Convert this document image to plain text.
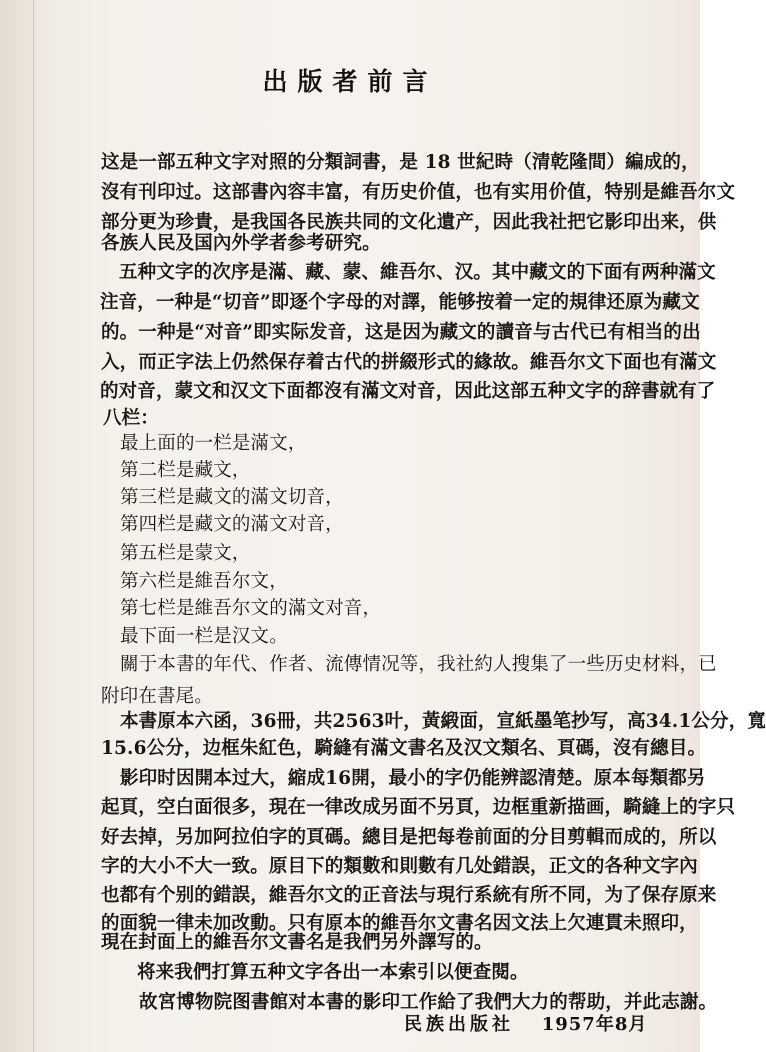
出版者前言
这是一部五种文字对照的分類詞書，是 18 世紀時（清乾隆間）編成的，
沒有刊印过。这部書內容丰富，有历史价值，也有实用价值，特别是維吾尔文
部分更为珍貴，是我国各民族共同的文化遺产，因此我社把它影印出来，供
各族人民及国內外学者参考研究。
五种文字的次序是滿、藏、蒙、維吾尔、汉。其中藏文的下面有两种滿文
注音，一种是“切音”即逐个字母的对譯，能够按着一定的規律还原为藏文
的。一种是“对音”即实际发音，这是因为藏文的讀音与古代已有相当的出
入，而正字法上仍然保存着古代的拼綴形式的緣故。維吾尔文下面也有滿文
的对音，蒙文和汉文下面都沒有滿文对音，因此这部五种文字的辞書就有了
八栏：
最上面的一栏是滿文，
第二栏是藏文，
第三栏是藏文的滿文切音，
第四栏是藏文的滿文对音，
第五栏是蒙文，
第六栏是維吾尔文，
第七栏是維吾尔文的滿文对音，
最下面一栏是汉文。
關于本書的年代、作者、流傳情况等，我社約人搜集了一些历史材料，已
附印在書尾。
本書原本六函，36冊，共2563叶，黃緞面，宣紙墨笔抄写，高34.1公分，寬
15.6公分，边框朱紅色，騎縫有滿文書名及汉文類名、頁碼，沒有總目。
影印时因開本过大，縮成16開，最小的字仍能辨認清楚。原本每類都另
起頁，空白面很多，現在一律改成另面不另頁，边框重新描画，騎縫上的字只
好去掉，另加阿拉伯字的頁碼。總目是把每卷前面的分目剪輯而成的，所以
字的大小不大一致。原目下的類數和則數有几处錯誤，正文的各种文字內
也都有个别的錯誤，維吾尔文的正音法与現行系統有所不同，为了保存原来
的面貌一律未加改動。只有原本的維吾尔文書名因文法上欠連貫未照印，
現在封面上的維吾尔文書名是我們另外譯写的。
将来我們打算五种文字各出一本索引以便查閱。
故宮博物院图書館对本書的影印工作給了我們大力的帮助，并此志謝。
民族出版社 1957年8月
